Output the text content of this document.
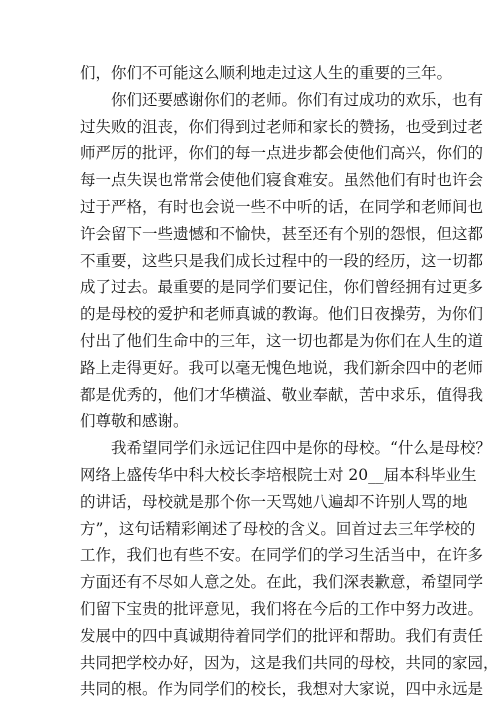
们，你们不可能这么顺利地走过这人生的重要的三年。
你们还要感谢你们的老师。你们有过成功的欢乐，也有
过失败的沮丧，你们得到过老师和家长的赞扬，也受到过老
师严厉的批评，你们的每一点进步都会使他们高兴，你们的
每一点失误也常常会使他们寝食难安。虽然他们有时也许会
过于严格，有时也会说一些不中听的话，在同学和老师间也
许会留下一些遗憾和不愉快，甚至还有个别的怨恨，但这都
不重要，这些只是我们成长过程中的一段的经历，这一切都
成了过去。最重要的是同学们要记住，你们曾经拥有过更多
的是母校的爱护和老师真诚的教诲。他们日夜操劳，为你们
付出了他们生命中的三年，这一切也都是为你们在人生的道
路上走得更好。我可以毫无愧色地说，我们新余四中的老师
都是优秀的，他们才华横溢、敬业奉献，苦中求乐，值得我
们尊敬和感谢。
我希望同学们永远记住四中是你的母校。“什么是母校？
网络上盛传华中科大校长李培根院士对 20__届本科毕业生
的讲话，母校就是那个你一天骂她八遍却不许别人骂的地
方”，这句话精彩阐述了母校的含义。回首过去三年学校的
工作，我们也有些不安。在同学们的学习生活当中，在许多
方面还有不尽如人意之处。在此，我们深表歉意，希望同学
们留下宝贵的批评意见，我们将在今后的工作中努力改进。
发展中的四中真诚期待着同学们的批评和帮助。我们有责任
共同把学校办好，因为，这是我们共同的母校，共同的家园，
共同的根。作为同学们的校长，我想对大家说，四中永远是
